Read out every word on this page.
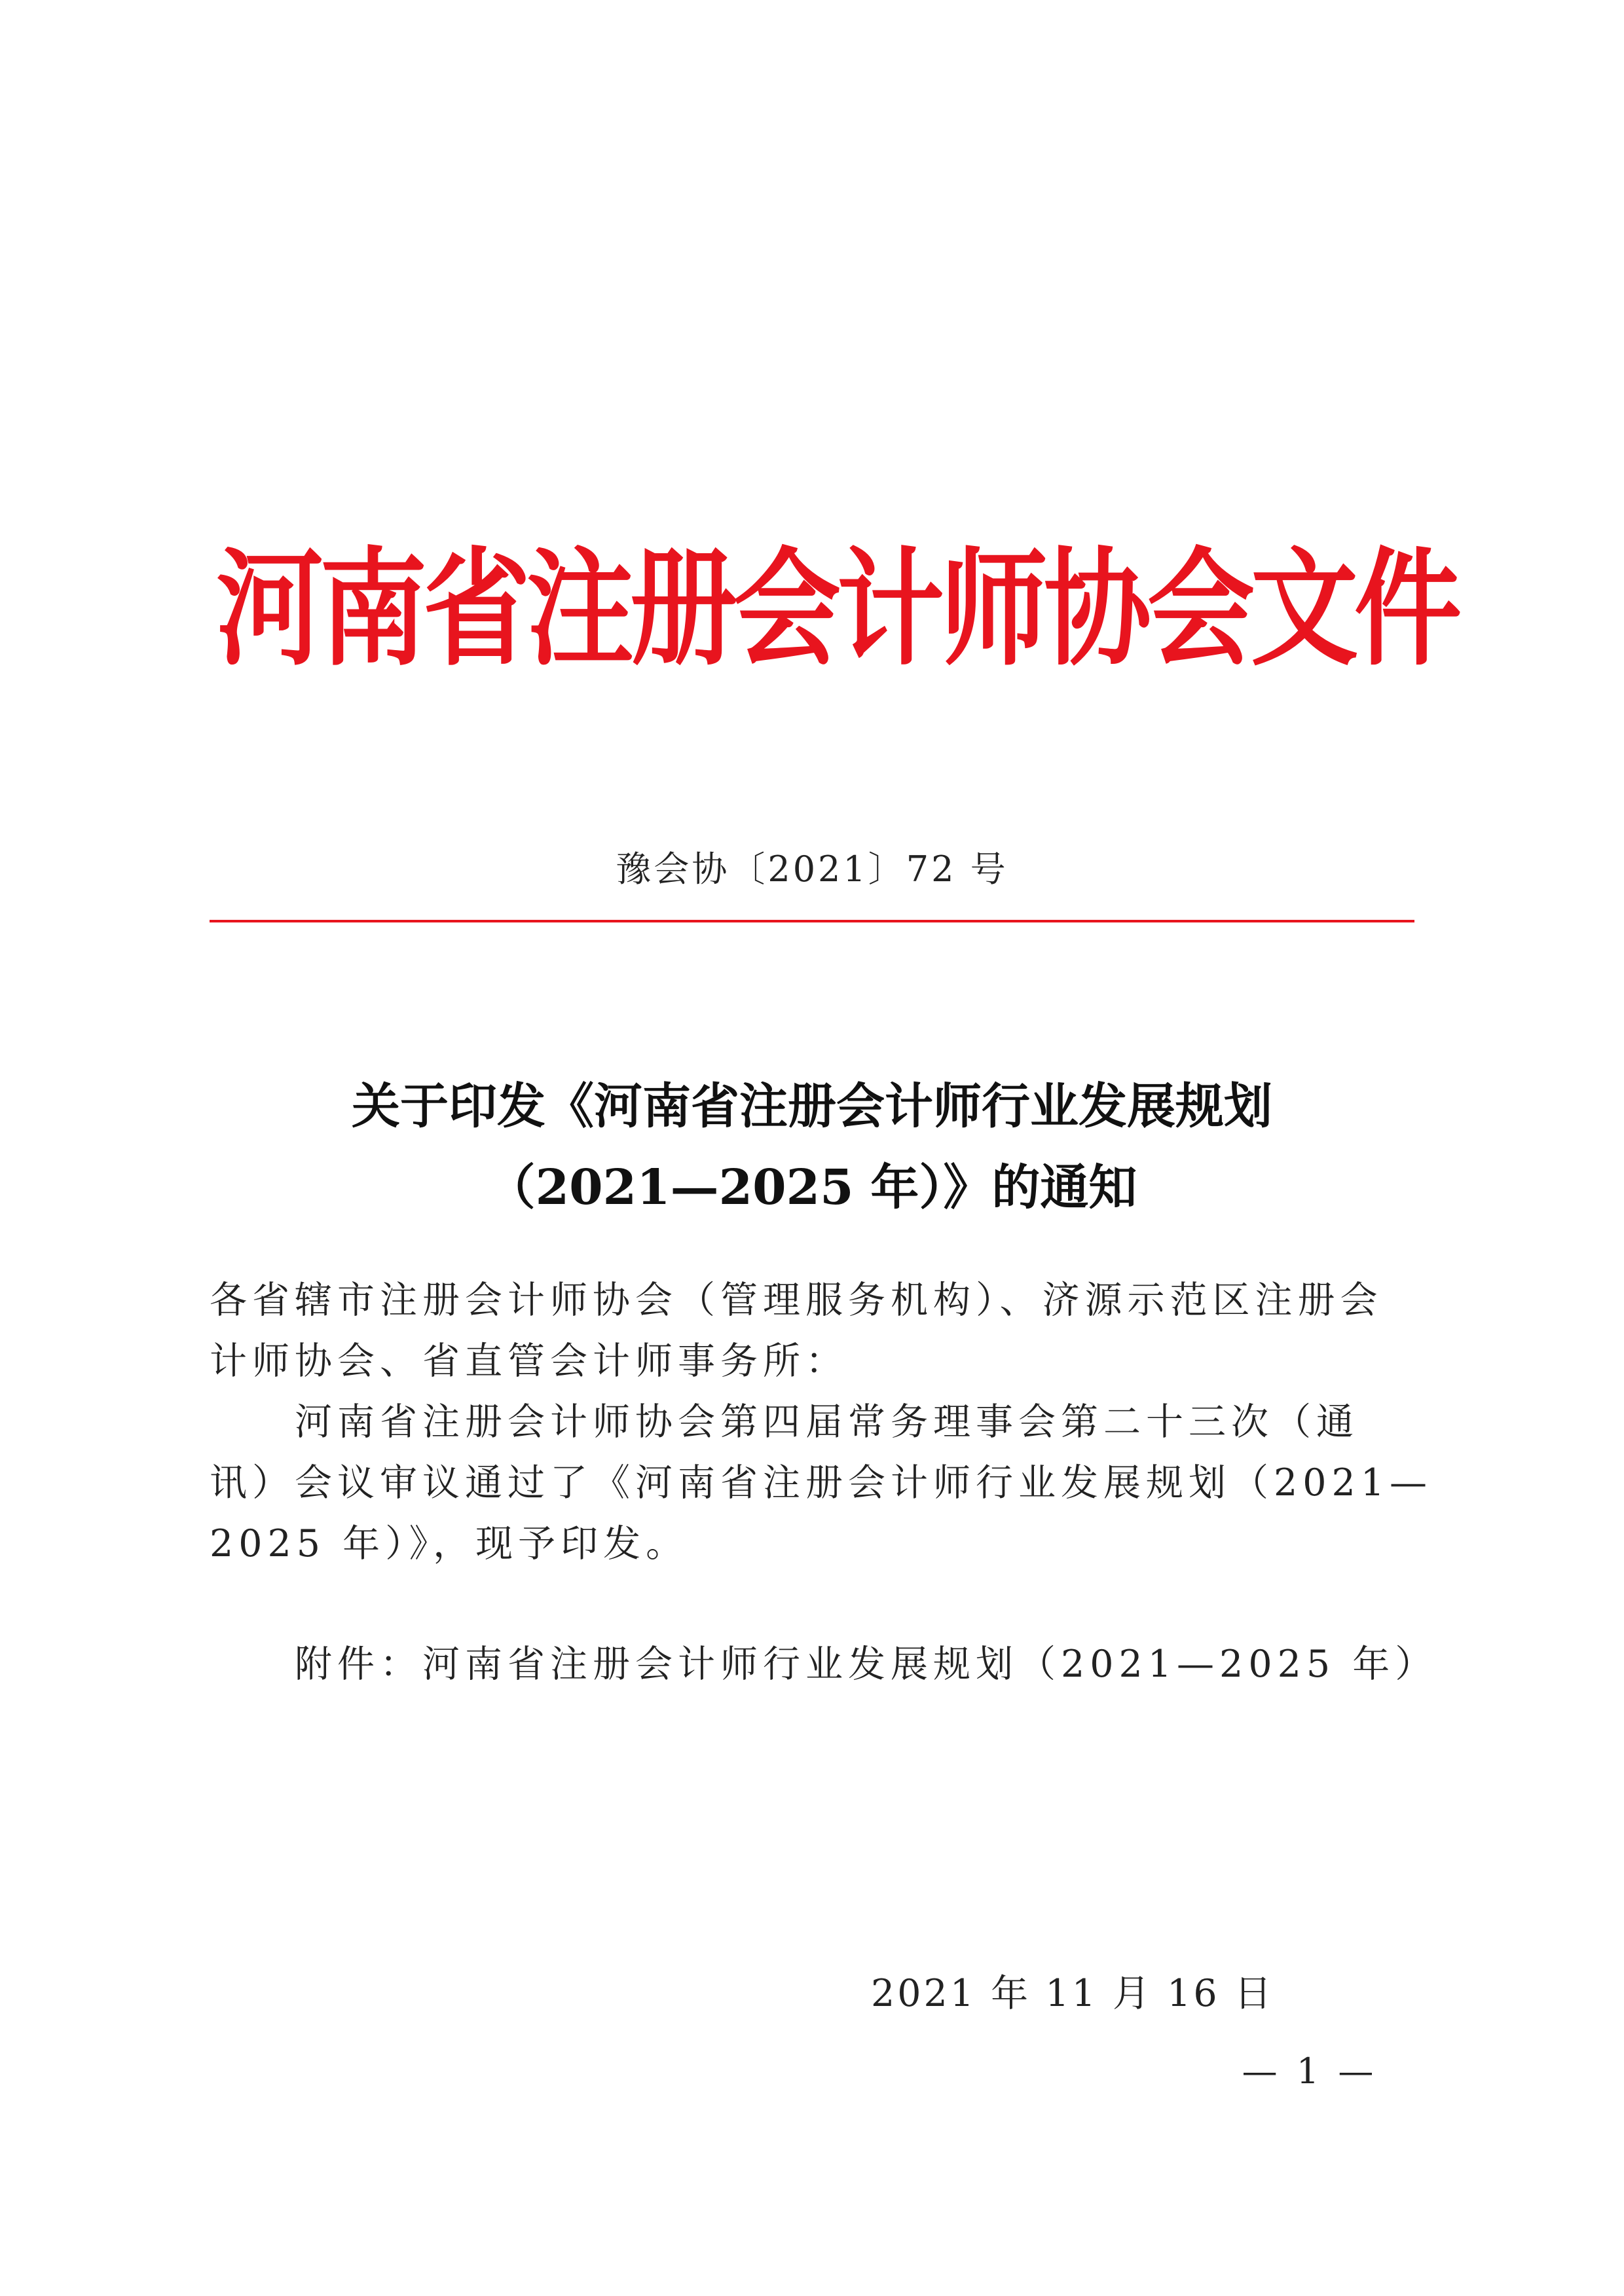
河南省注册会计师协会文件
豫会协〔2021〕72 号
关于印发《河南省注册会计师行业发展规划
（2021—2025 年）》的通知
各省辖市注册会计师协会（管理服务机构）、济源示范区注册会
计师协会、省直管会计师事务所：
　　河南省注册会计师协会第四届常务理事会第二十三次（通
讯）会议审议通过了《河南省注册会计师行业发展规划（2021—
2025 年）》，现予印发。
　　附件：河南省注册会计师行业发展规划（2021—2025 年）
2021 年 11 月 16 日
— 1 —
